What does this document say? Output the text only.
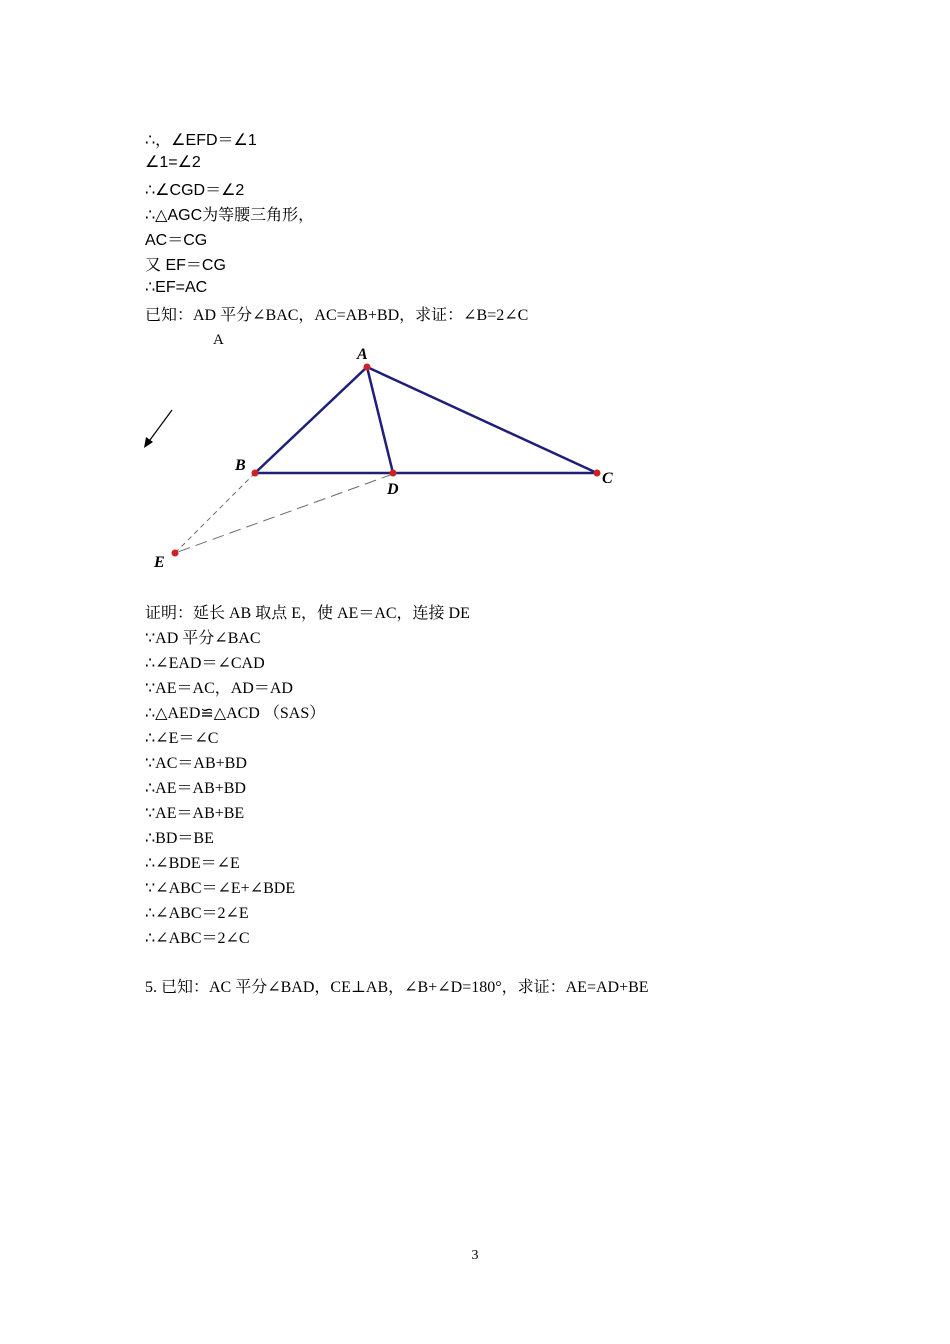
∴，∠EFD＝∠1
∠1=∠2
∴∠CGD＝∠2
∴△AGC为等腰三角形，
AC＝CG
又 EF＝CG
∴EF=AC
已知：AD 平分∠BAC，AC=AB+BD，求证：∠B=2∠C
A
A
B
D
C
E
证明：延长 AB 取点 E，使 AE＝AC，连接 DE
∵AD 平分∠BAC
∴∠EAD＝∠CAD
∵AE＝AC，AD＝AD
∴△AED≌△ACD （SAS）
∴∠E＝∠C
∵AC＝AB+BD
∴AE＝AB+BD
∵AE＝AB+BE
∴BD＝BE
∴∠BDE＝∠E
∵∠ABC＝∠E+∠BDE
∴∠ABC＝2∠E
∴∠ABC＝2∠C
5. 已知：AC 平分∠BAD，CE⊥AB，∠B+∠D=180°，求证：AE=AD+BE
3
